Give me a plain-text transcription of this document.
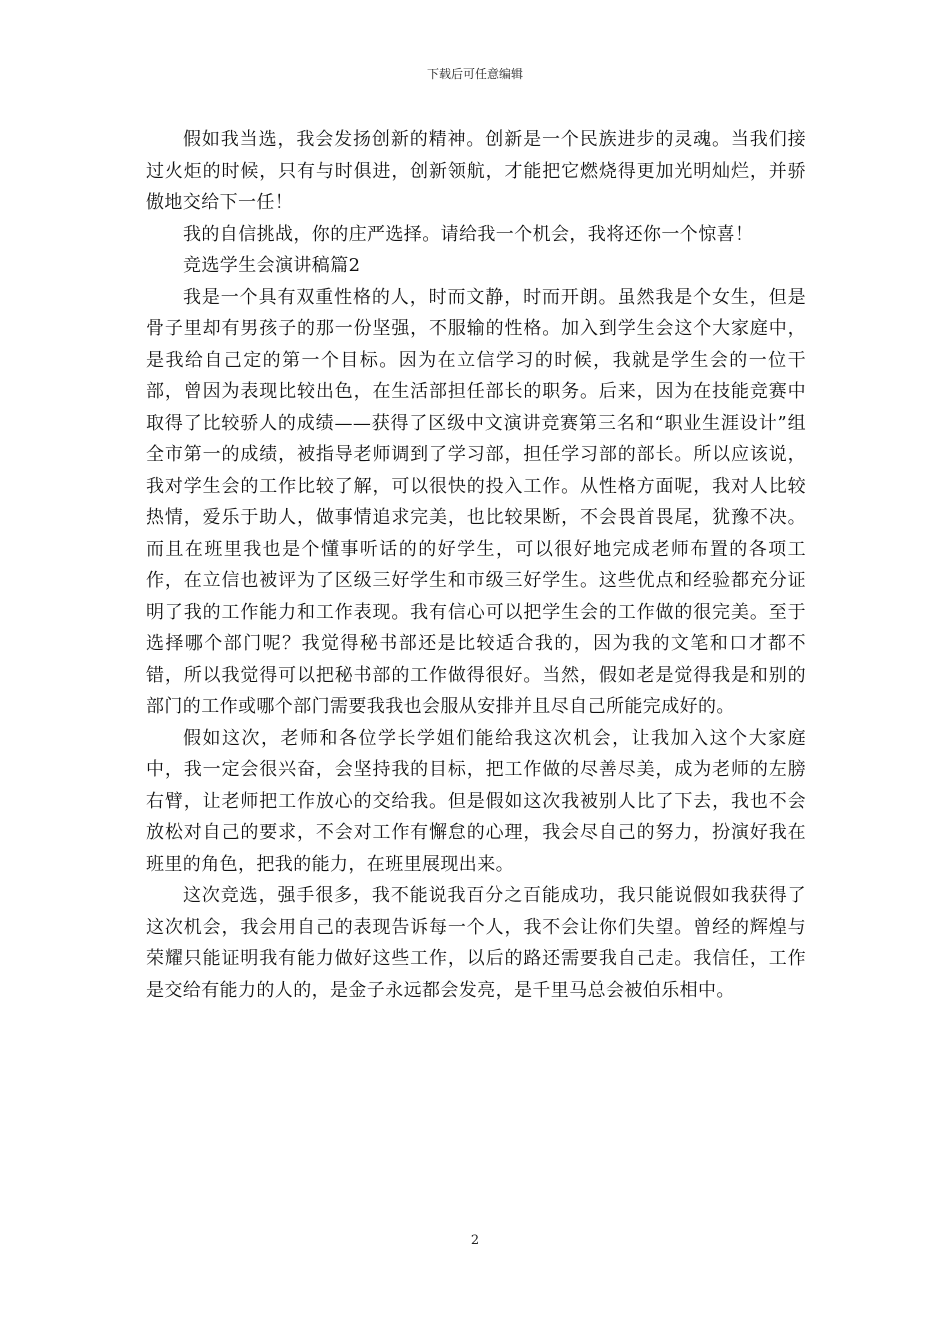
下载后可任意编辑

假如我当选，我会发扬创新的精神。创新是一个民族进步的灵魂。当我们接过火炬的时候，只有与时俱进，创新领航，才能把它燃烧得更加光明灿烂，并骄傲地交给下一任！

我的自信挑战，你的庄严选择。请给我一个机会，我将还你一个惊喜！

竞选学生会演讲稿篇2

我是一个具有双重性格的人，时而文静，时而开朗。虽然我是个女生，但是骨子里却有男孩子的那一份坚强，不服输的性格。加入到学生会这个大家庭中，是我给自己定的第一个目标。因为在立信学习的时候，我就是学生会的一位干部，曾因为表现比较出色，在生活部担任部长的职务。后来，因为在技能竞赛中取得了比较骄人的成绩——获得了区级中文演讲竞赛第三名和“职业生涯设计”组全市第一的成绩，被指导老师调到了学习部，担任学习部的部长。所以应该说，我对学生会的工作比较了解，可以很快的投入工作。从性格方面呢，我对人比较热情，爱乐于助人，做事情追求完美，也比较果断，不会畏首畏尾，犹豫不决。而且在班里我也是个懂事听话的的好学生，可以很好地完成老师布置的各项工作，在立信也被评为了区级三好学生和市级三好学生。这些优点和经验都充分证明了我的工作能力和工作表现。我有信心可以把学生会的工作做的很完美。至于选择哪个部门呢？我觉得秘书部还是比较适合我的，因为我的文笔和口才都不错，所以我觉得可以把秘书部的工作做得很好。当然，假如老是觉得我是和别的部门的工作或哪个部门需要我我也会服从安排并且尽自己所能完成好的。

假如这次，老师和各位学长学姐们能给我这次机会，让我加入这个大家庭中，我一定会很兴奋，会坚持我的目标，把工作做的尽善尽美，成为老师的左膀右臂，让老师把工作放心的交给我。但是假如这次我被别人比了下去，我也不会放松对自己的要求，不会对工作有懈怠的心理，我会尽自己的努力，扮演好我在班里的角色，把我的能力，在班里展现出来。

这次竞选，强手很多，我不能说我百分之百能成功，我只能说假如我获得了这次机会，我会用自己的表现告诉每一个人，我不会让你们失望。曾经的辉煌与荣耀只能证明我有能力做好这些工作，以后的路还需要我自己走。我信任，工作是交给有能力的人的，是金子永远都会发亮，是千里马总会被伯乐相中。

2
